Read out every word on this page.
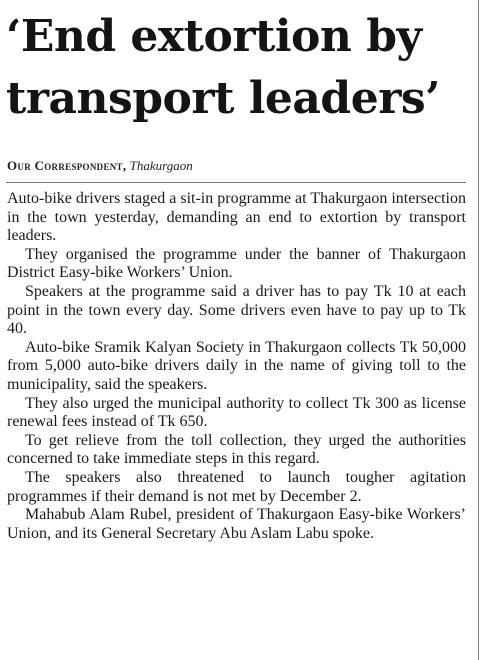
‘End extortion by
transport leaders’
Our Correspondent, Thakurgaon

Auto-bike drivers staged a sit-in programme at Thakurgaon intersection in the town yesterday, demanding an end to extortion by transport leaders.

They organised the programme under the banner of Thakurgaon District Easy-bike Workers’ Union.

Speakers at the programme said a driver has to pay Tk 10 at each point in the town every day. Some drivers even have to pay up to Tk 40.

Auto-bike Sramik Kalyan Society in Thakurgaon collects Tk 50,000 from 5,000 auto-bike drivers daily in the name of giving toll to the municipality, said the speakers.

They also urged the municipal authority to collect Tk 300 as license renewal fees instead of Tk 650.

To get relieve from the toll collection, they urged the authorities concerned to take immediate steps in this regard.

The speakers also threatened to launch tougher agitation programmes if their demand is not met by December 2.

Mahabub Alam Rubel, president of Thakurgaon Easy-bike Workers’ Union, and its General Secretary Abu Aslam Labu spoke.
